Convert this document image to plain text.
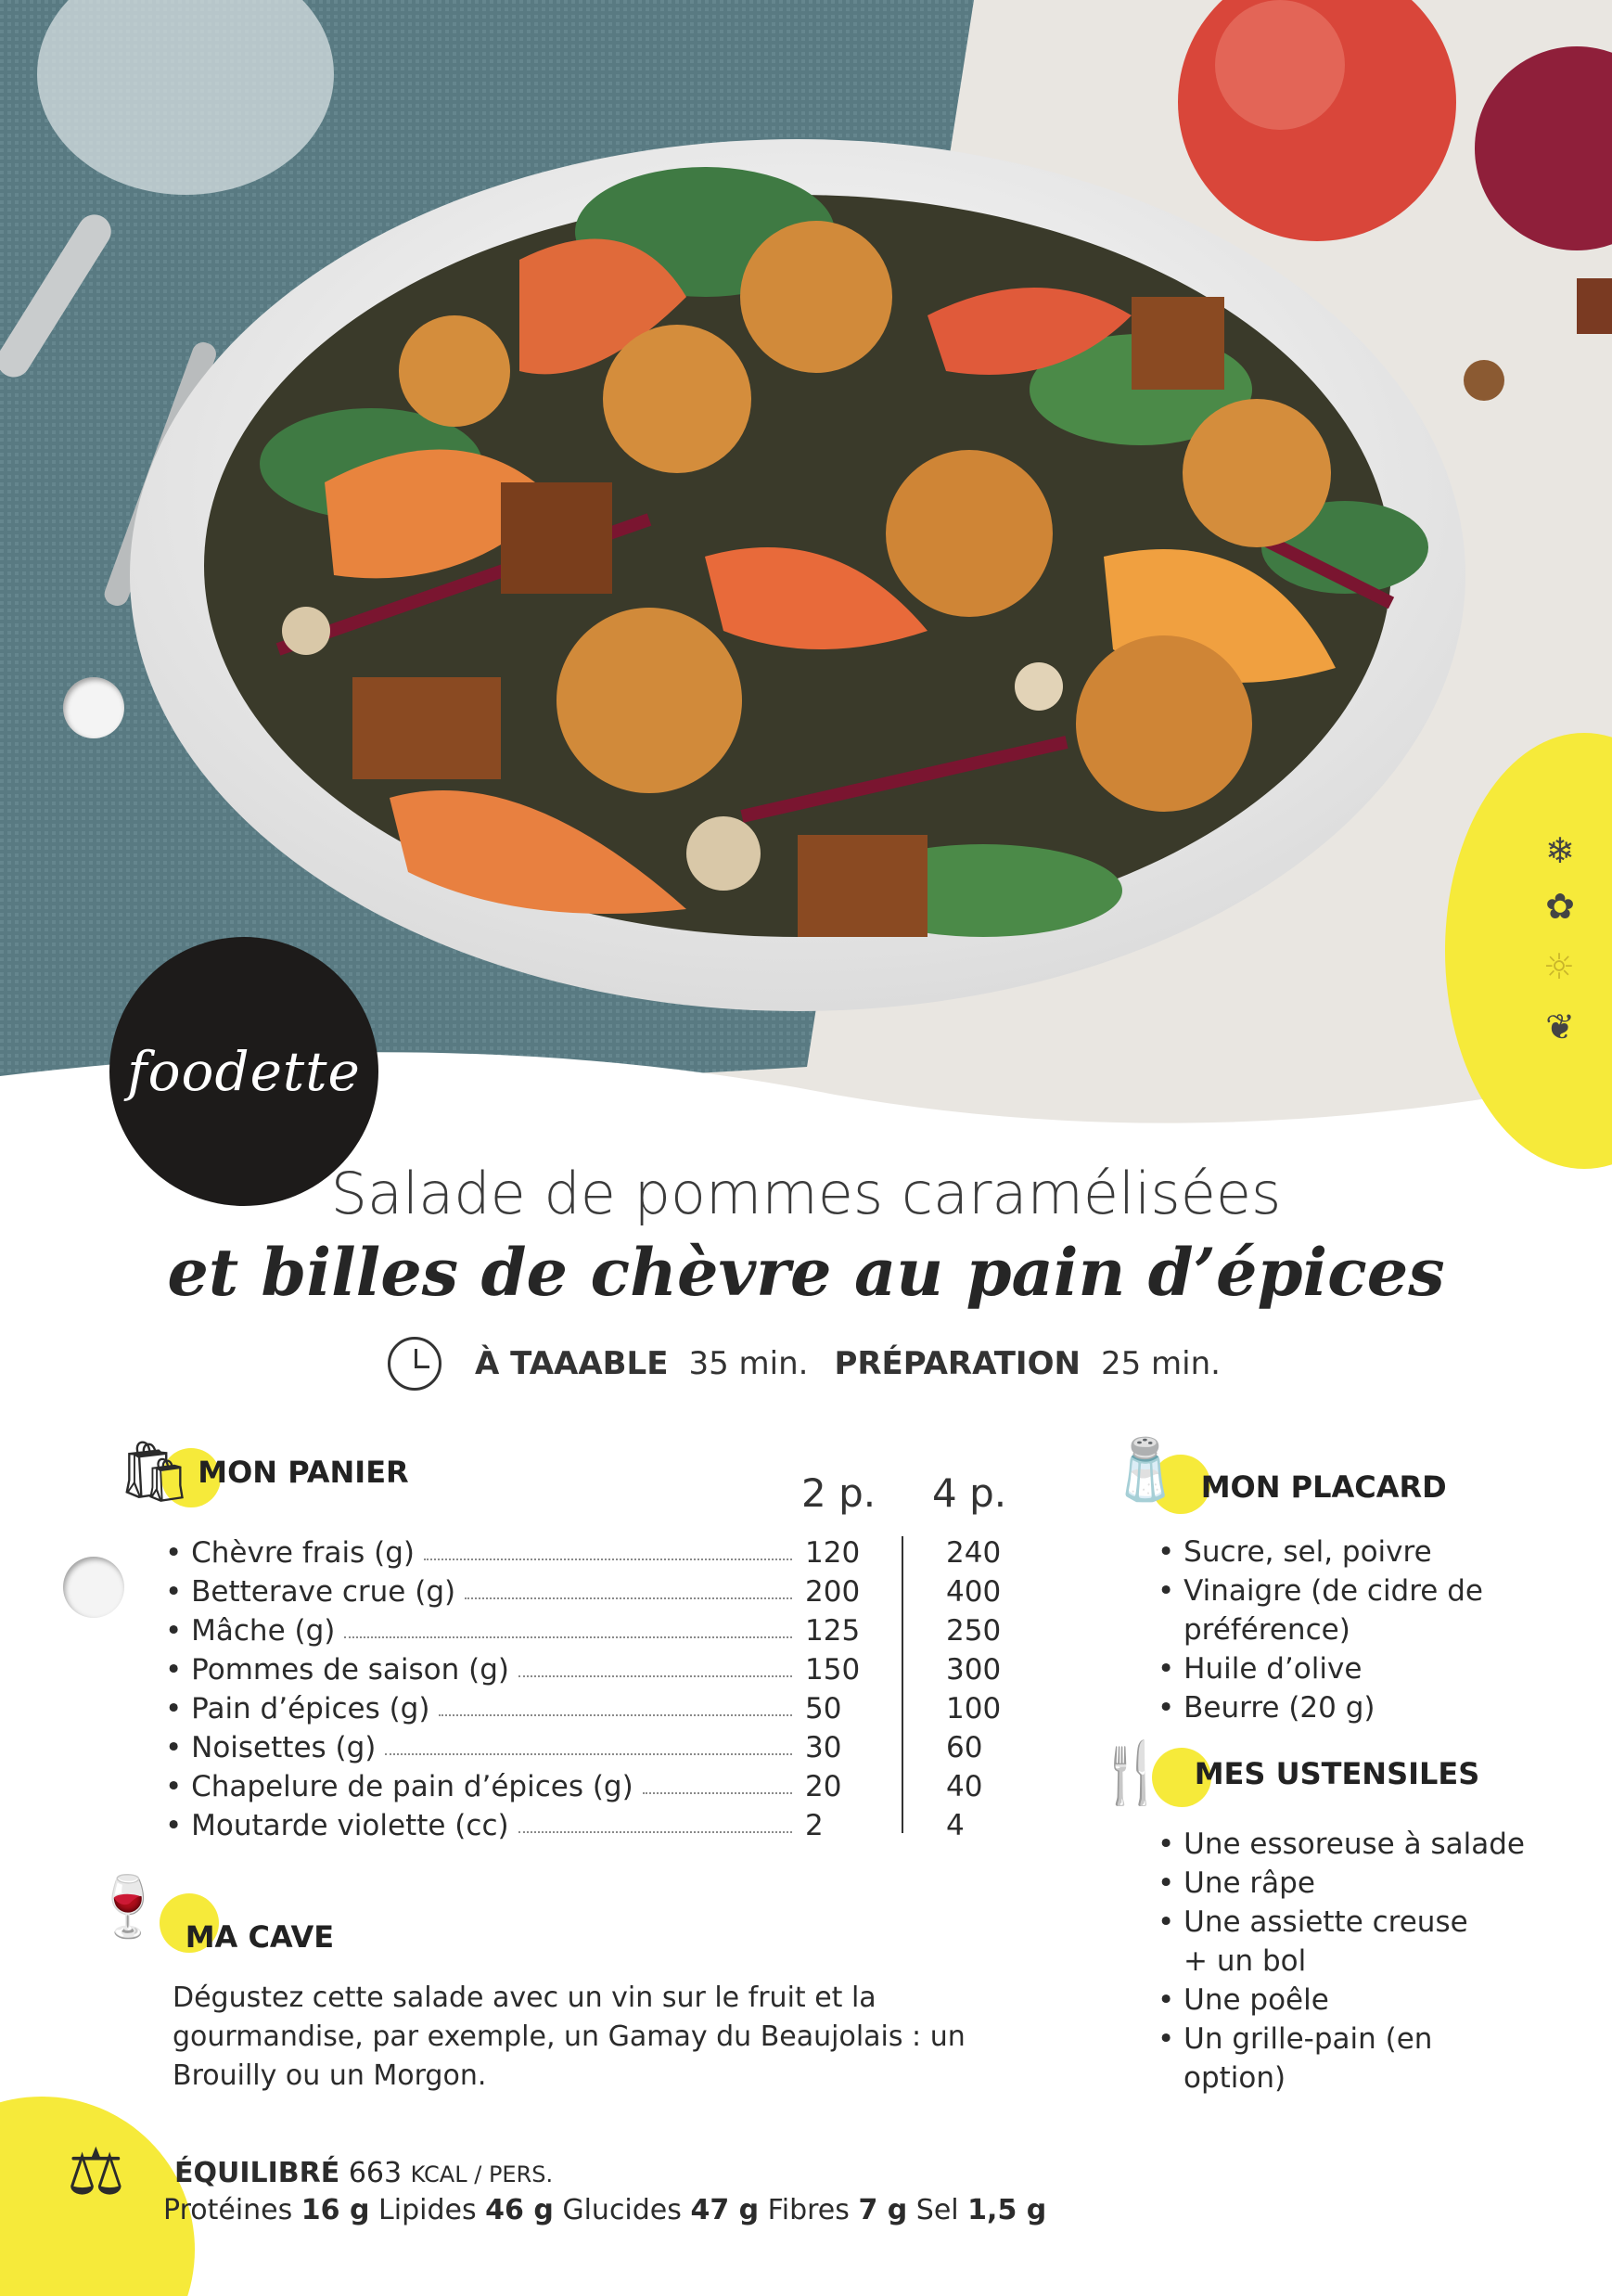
❄
✿
☼
❦
foodette
Salade de pommes caramélisées
et billes de chèvre au pain d’épices
À TAAABLE 35 min. PRÉPARATION 25 min.
🛍 MON PANIER	2 p. 4 p.
• Chèvre frais (g)	120	240
• Betterave crue (g)	200	400
• Mâche (g)	125	250
• Pommes de saison (g)	150	300
• Pain d’épices (g)	50	100
• Noisettes (g)	30	60
• Chapelure de pain d’épices (g)	20	40
• Moutarde violette (cc)	2	4
🧂 MON PLACARD
• Sucre, sel, poivre
• Vinaigre (de cidre de
préférence)
• Huile d’olive
• Beurre (20 g)
🍴 MES USTENSILES
• Une essoreuse à salade
• Une râpe
• Une assiette creuse
+ un bol
• Une poêle
• Un grille-pain (en
option)
🍷 MA CAVE
Dégustez cette salade avec un vin sur le fruit et la gourmandise, par exemple, un Gamay du Beaujolais : un Brouilly ou un Morgon.
⚖ ÉQUILIBRÉ 663 KCAL / PERS.
Protéines 16 g Lipides 46 g Glucides 47 g Fibres 7 g Sel 1,5 g
